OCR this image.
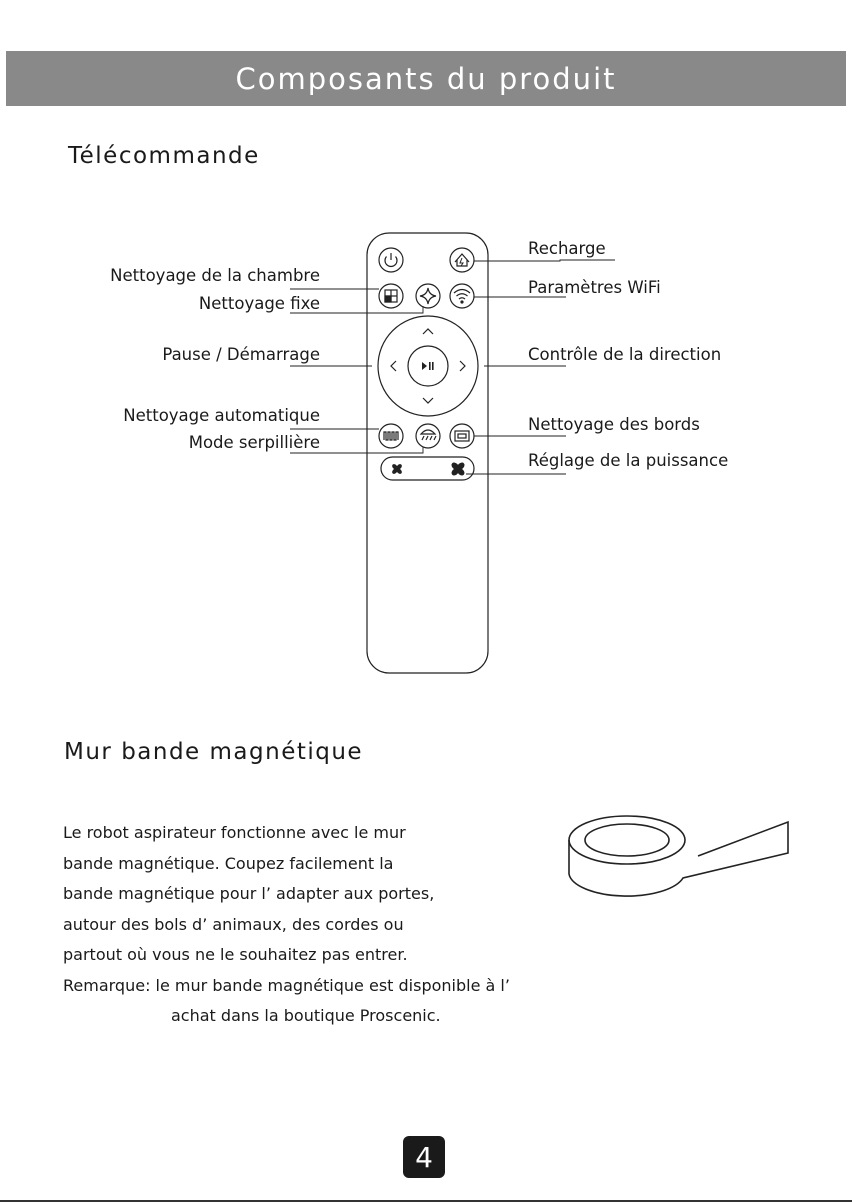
Composants du produit
Télécommande
Nettoyage de la chambre
Nettoyage fixe
Pause / Démarrage
Nettoyage automatique
Mode serpillière
Recharge
Paramètres WiFi
Contrôle de la direction
Nettoyage des bords
Réglage de la puissance
Mur bande magnétique
Le robot aspirateur fonctionne avec le mur
bande magnétique. Coupez facilement la
bande magnétique pour l’ adapter aux portes,
autour des bols d’ animaux, des cordes ou
partout où vous ne le souhaitez pas entrer.
Remarque: le mur bande magnétique est disponible à l’
achat dans la boutique Proscenic.
4
